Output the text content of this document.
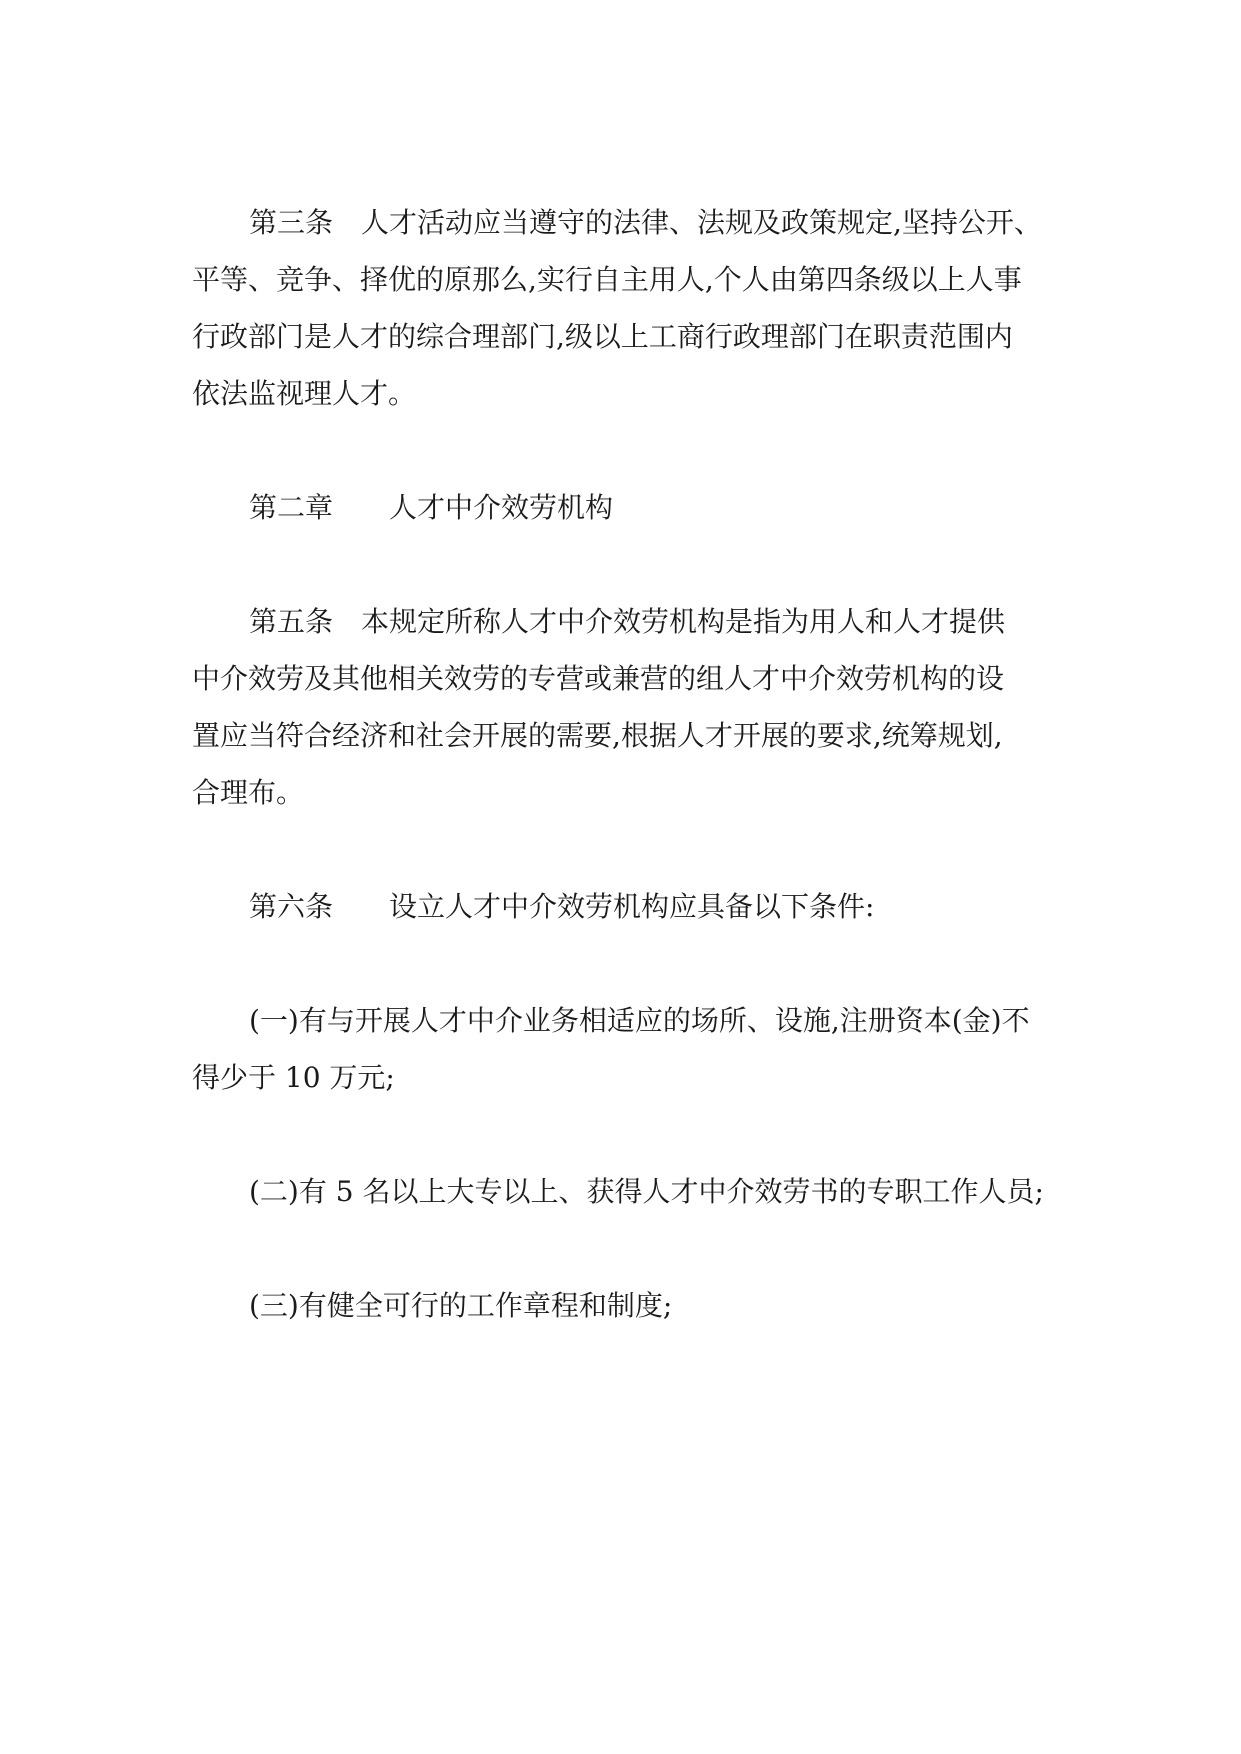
第三条 人才活动应当遵守的法律、法规及政策规定,坚持公开、

平等、竞争、择优的原那么,实行自主用人,个人由第四条级以上人事

行政部门是人才的综合理部门,级以上工商行政理部门在职责范围内

依法监视理人才。

第二章 人才中介效劳机构

第五条 本规定所称人才中介效劳机构是指为用人和人才提供

中介效劳及其他相关效劳的专营或兼营的组人才中介效劳机构的设

置应当符合经济和社会开展的需要,根据人才开展的要求,统筹规划,

合理布。

第六条 设立人才中介效劳机构应具备以下条件:

(一)有与开展人才中介业务相适应的场所、设施,注册资本(金)不

得少于 10 万元;

(二)有 5 名以上大专以上、获得人才中介效劳书的专职工作人员;

(三)有健全可行的工作章程和制度;
